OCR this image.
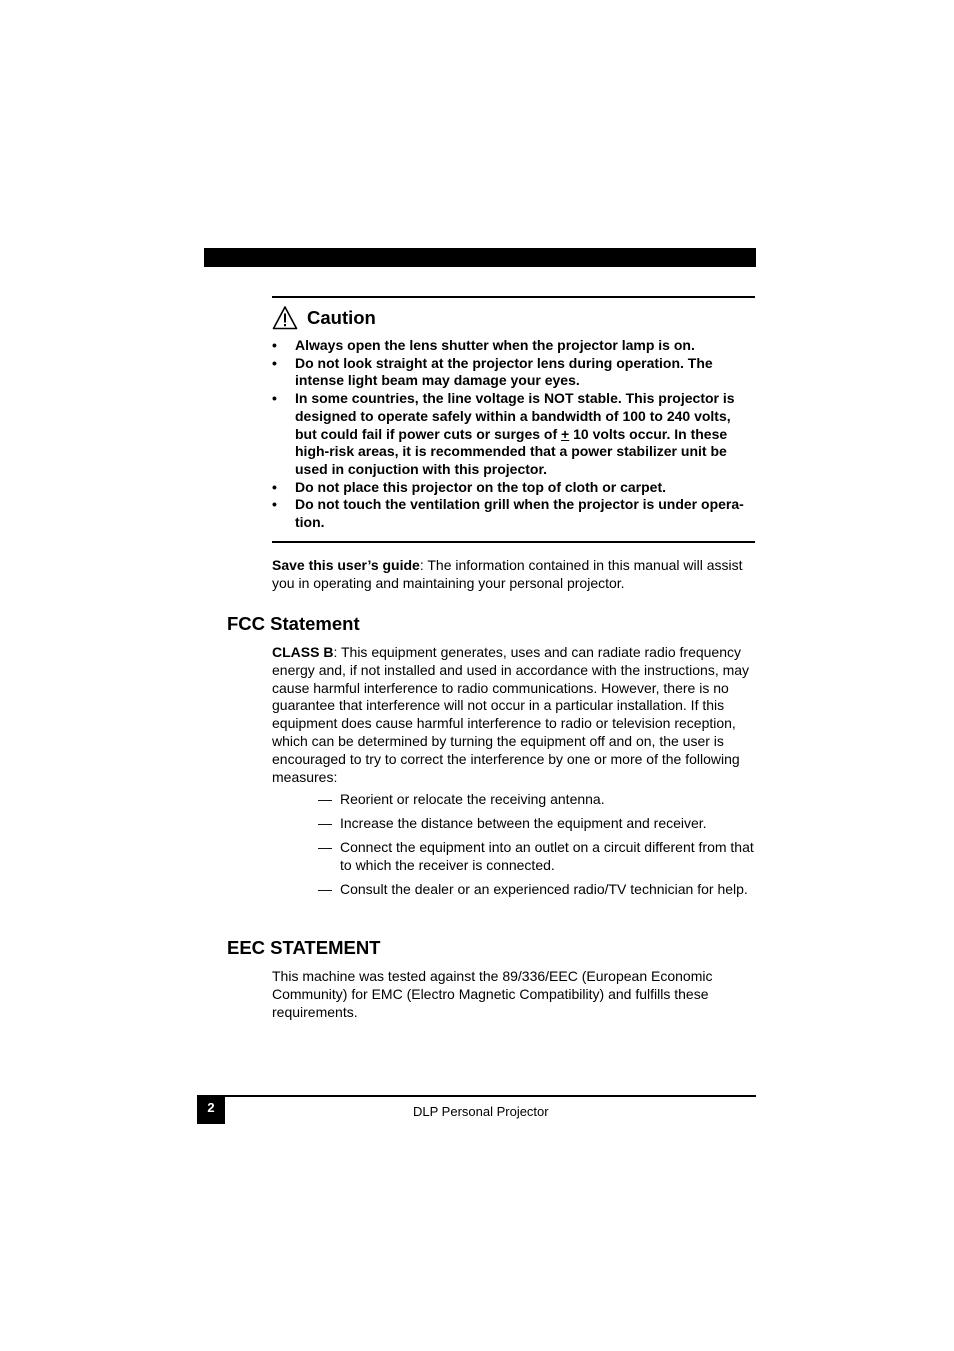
Caution
• Always open the lens shutter when the projector lamp is on.
• Do not look straight at the projector lens during operation. The intense light beam may damage your eyes.
• In some countries, the line voltage is NOT stable. This projector is designed to operate safely within a bandwidth of 100 to 240 volts, but could fail if power cuts or surges of + 10 volts occur. In these high-risk areas, it is recommended that a power stabilizer unit be used in conjuction with this projector.
• Do not place this projector on the top of cloth or carpet.
• Do not touch the ventilation grill when the projector is under opera-tion.
Save this user’s guide: The information contained in this manual will assist you in operating and maintaining your personal projector.
FCC Statement
CLASS B: This equipment generates, uses and can radiate radio frequency energy and, if not installed and used in accordance with the instructions, may cause harmful interference to radio communications. However, there is no guarantee that interference will not occur in a particular installation. If this equipment does cause harmful interference to radio or television reception, which can be determined by turning the equipment off and on, the user is encouraged to try to correct the interference by one or more of the following measures:
— Reorient or relocate the receiving antenna.
— Increase the distance between the equipment and receiver.
— Connect the equipment into an outlet on a circuit different from that to which the receiver is connected.
— Consult the dealer or an experienced radio/TV technician for help.
EEC STATEMENT
This machine was tested against the 89/336/EEC (European Economic Community) for EMC (Electro Magnetic Compatibility) and fulfills these requirements.
2	DLP Personal Projector
